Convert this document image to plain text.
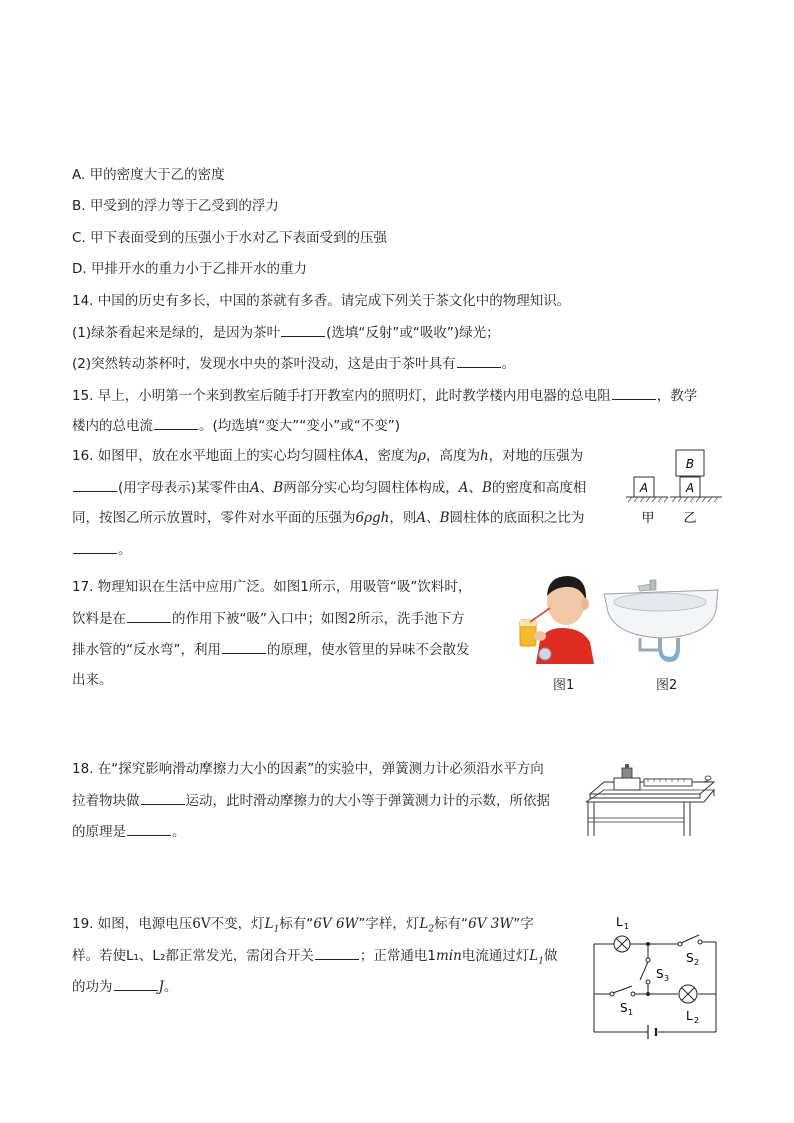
A. 甲的密度大于乙的密度
B. 甲受到的浮力等于乙受到的浮力
C. 甲下表面受到的压强小于水对乙下表面受到的压强
D. 甲排开水的重力小于乙排开水的重力
14. 中国的历史有多长，中国的茶就有多香。请完成下列关于茶文化中的物理知识。
(1)绿茶看起来是绿的，是因为茶叶	(选填“反射”或“吸收”)绿光；
(2)突然转动茶杯时，发现水中央的茶叶没动，这是由于茶叶具有	。
15. 早上，小明第一个来到教室后随手打开教室内的照明灯，此时教学楼内用电器的总电阻	，教学
楼内的总电流	。(均选填“变大”“变小”或“不变”)
16. 如图甲，放在水平地面上的实心均匀圆柱体A，密度为ρ，高度为h，对地的压强为
(用字母表示)某零件由A、B两部分实心均匀圆柱体构成，A、B的密度和高度相
同，按图乙所示放置时，零件对水平面的压强为6ρgh，则A、B圆柱体的底面积之比为
。
A
B
A
甲 乙
17. 物理知识在生活中应用广泛。如图1所示，用吸管“吸”饮料时，
饮料是在	的作用下被“吸”入口中；如图2所示，洗手池下方
排水管的“反水弯”，利用	的原理，使水管里的异味不会散发
出来。	图1	图2
18. 在“探究影响滑动摩擦力大小的因素”的实验中，弹簧测力计必须沿水平方向
拉着物块做	运动，此时滑动摩擦力的大小等于弹簧测力计的示数，所依据
的原理是	。
19. 如图，电源电压6V不变，灯$L_1$标有“6V 6W”字样，灯$L_2$标有“6V 3W”字
样。若使L₁、L₂都正常发光，需闭合开关	；正常通电1min电流通过灯$L_1$做
的功为	J。
L 1
S 2
S 3
S 1	L 2
